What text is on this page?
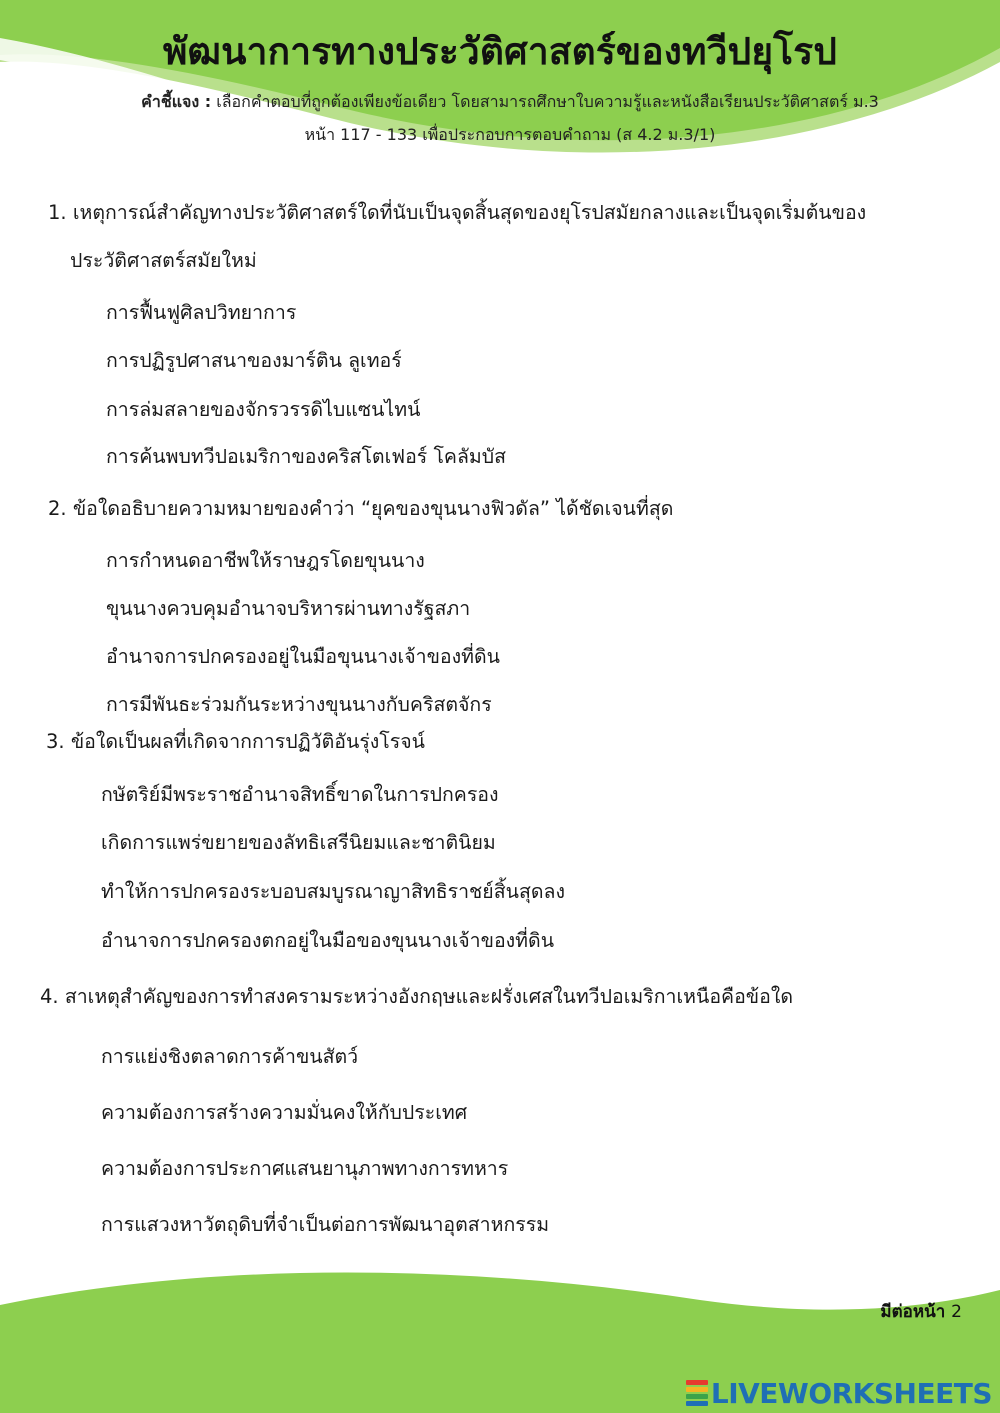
พัฒนาการทางประวัติศาสตร์ของทวีปยุโรป

คำชี้แจง : เลือกคำตอบที่ถูกต้องเพียงข้อเดียว โดยสามารถศึกษาใบความรู้และหนังสือเรียนประวัติศาสตร์ ม.3

หน้า 117 - 133 เพื่อประกอบการตอบคำถาม (ส 4.2 ม.3/1)

1. เหตุการณ์สำคัญทางประวัติศาสตร์ใดที่นับเป็นจุดสิ้นสุดของยุโรปสมัยกลางและเป็นจุดเริ่มต้นของ

ประวัติศาสตร์สมัยใหม่

การฟื้นฟูศิลปวิทยาการ

การปฏิรูปศาสนาของมาร์ติน ลูเทอร์

การล่มสลายของจักรวรรดิไบแซนไทน์

การค้นพบทวีปอเมริกาของคริสโตเฟอร์ โคลัมบัส

2. ข้อใดอธิบายความหมายของคำว่า “ยุคของขุนนางฟิวดัล” ได้ชัดเจนที่สุด

การกำหนดอาชีพให้ราษฎรโดยขุนนาง

ขุนนางควบคุมอำนาจบริหารผ่านทางรัฐสภา

อำนาจการปกครองอยู่ในมือขุนนางเจ้าของที่ดิน

การมีพันธะร่วมกันระหว่างขุนนางกับคริสตจักร

3. ข้อใดเป็นผลที่เกิดจากการปฏิวัติอันรุ่งโรจน์

กษัตริย์มีพระราชอำนาจสิทธิ์ขาดในการปกครอง

เกิดการแพร่ขยายของลัทธิเสรีนิยมและชาตินิยม

ทำให้การปกครองระบอบสมบูรณาญาสิทธิราชย์สิ้นสุดลง

อำนาจการปกครองตกอยู่ในมือของขุนนางเจ้าของที่ดิน

4. สาเหตุสำคัญของการทำสงครามระหว่างอังกฤษและฝรั่งเศสในทวีปอเมริกาเหนือคือข้อใด

การแย่งชิงตลาดการค้าขนสัตว์

ความต้องการสร้างความมั่นคงให้กับประเทศ

ความต้องการประกาศแสนยานุภาพทางการทหาร

การแสวงหาวัตถุดิบที่จำเป็นต่อการพัฒนาอุตสาหกรรม

มีต่อหน้า 2

LIVEWORKSHEETS
